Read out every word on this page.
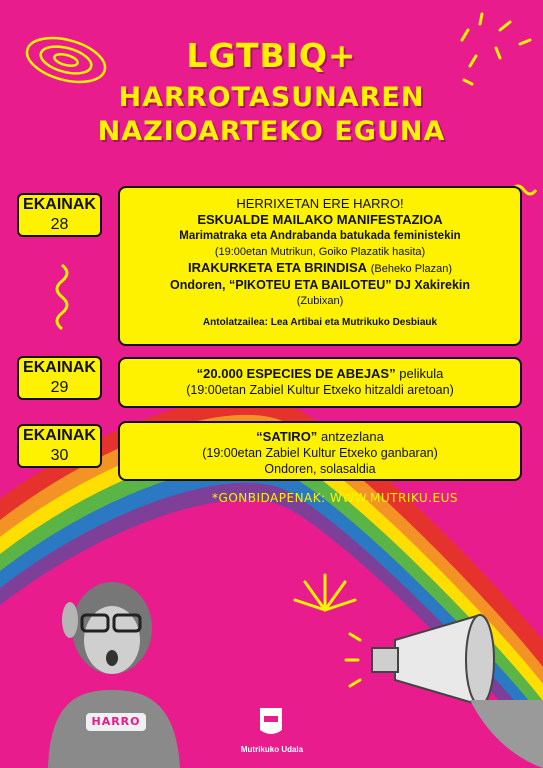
LGTBIQ+
HARROTASUNAREN
NAZIOARTEKO EGUNA
EKAINAK
28
HERRIXETAN ERE HARRO!
ESKUALDE MAILAKO MANIFESTAZIOA
Marimatraka eta Andrabanda batukada feministekin
(19:00etan Mutrikun, Goiko Plazatik hasita)
IRAKURKETA ETA BRINDISA (Beheko Plazan)
Ondoren, “PIKOTEU ETA BAILOTEU” DJ Xakirekin
(Zubixan)
Antolatzailea: Lea Artibai eta Mutrikuko Desbiauk
EKAINAK
29
“20.000 ESPECIES DE ABEJAS” pelikula
(19:00etan Zabiel Kultur Etxeko hitzaldi aretoan)
EKAINAK
30
“SATIRO” antzezlana
(19:00etan Zabiel Kultur Etxeko ganbaran)
Ondoren, solasaldia
*GONBIDAPENAK: WWW.MUTRIKU.EUS
HARRO
Mutrikuko Udala
